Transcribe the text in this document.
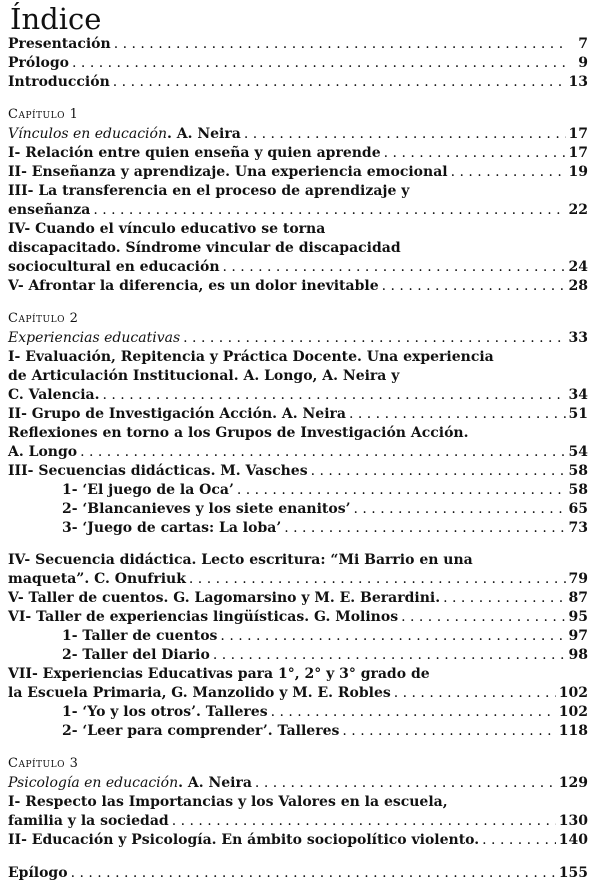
Índice
Presentación . . .	7
Prólogo . . .	9
Introducción . . .	13
Capítulo 1
Vínculos en educación. A. Neira . . .	17
I- Relación entre quien enseña y quien aprende . . .	17
II- Enseñanza y aprendizaje. Una experiencia emocional . . .	19
III- La transferencia en el proceso de aprendizaje y
enseñanza . . .	22
IV- Cuando el vínculo educativo se torna
discapacitado. Síndrome vincular de discapacidad
sociocultural en educación . . .	24
V- Afrontar la diferencia, es un dolor inevitable . . .	28
Capítulo 2
Experiencias educativas . . .	33
I- Evaluación, Repitencia y Práctica Docente. Una experiencia
de Articulación Institucional. A. Longo, A. Neira y
C. Valencia. . . .	34
II- Grupo de Investigación Acción. A. Neira . . .	51
Reflexiones en torno a los Grupos de Investigación Acción.
A. Longo . . .	54
III- Secuencias didácticas. M. Vasches . . .	58
1- ‘El juego de la Oca’ . . .	58
2- ‘Blancanieves y los siete enanitos’ . . .	65
3- ‘Juego de cartas: La loba’ . . .	73
IV- Secuencia didáctica. Lecto escritura: “Mi Barrio en una
maqueta”. C. Onufriuk . . .	79
V- Taller de cuentos. G. Lagomarsino y M. E. Berardini. . . .	87
VI- Taller de experiencias lingüísticas. G. Molinos . . .	95
1- Taller de cuentos . . .	97
2- Taller del Diario . . .	98
VII- Experiencias Educativas para 1°, 2° y 3° grado de
la Escuela Primaria, G. Manzolido y M. E. Robles . . .	102
1- ‘Yo y los otros’. Talleres . . .	102
2- ‘Leer para comprender’. Talleres . . .	118
Capítulo 3
Psicología en educación. A. Neira . . .	129
I- Respecto las Importancias y los Valores en la escuela,
familia y la sociedad . . .	130
II- Educación y Psicología. En ámbito sociopolítico violento. . . .	140
Epílogo . . .	155
